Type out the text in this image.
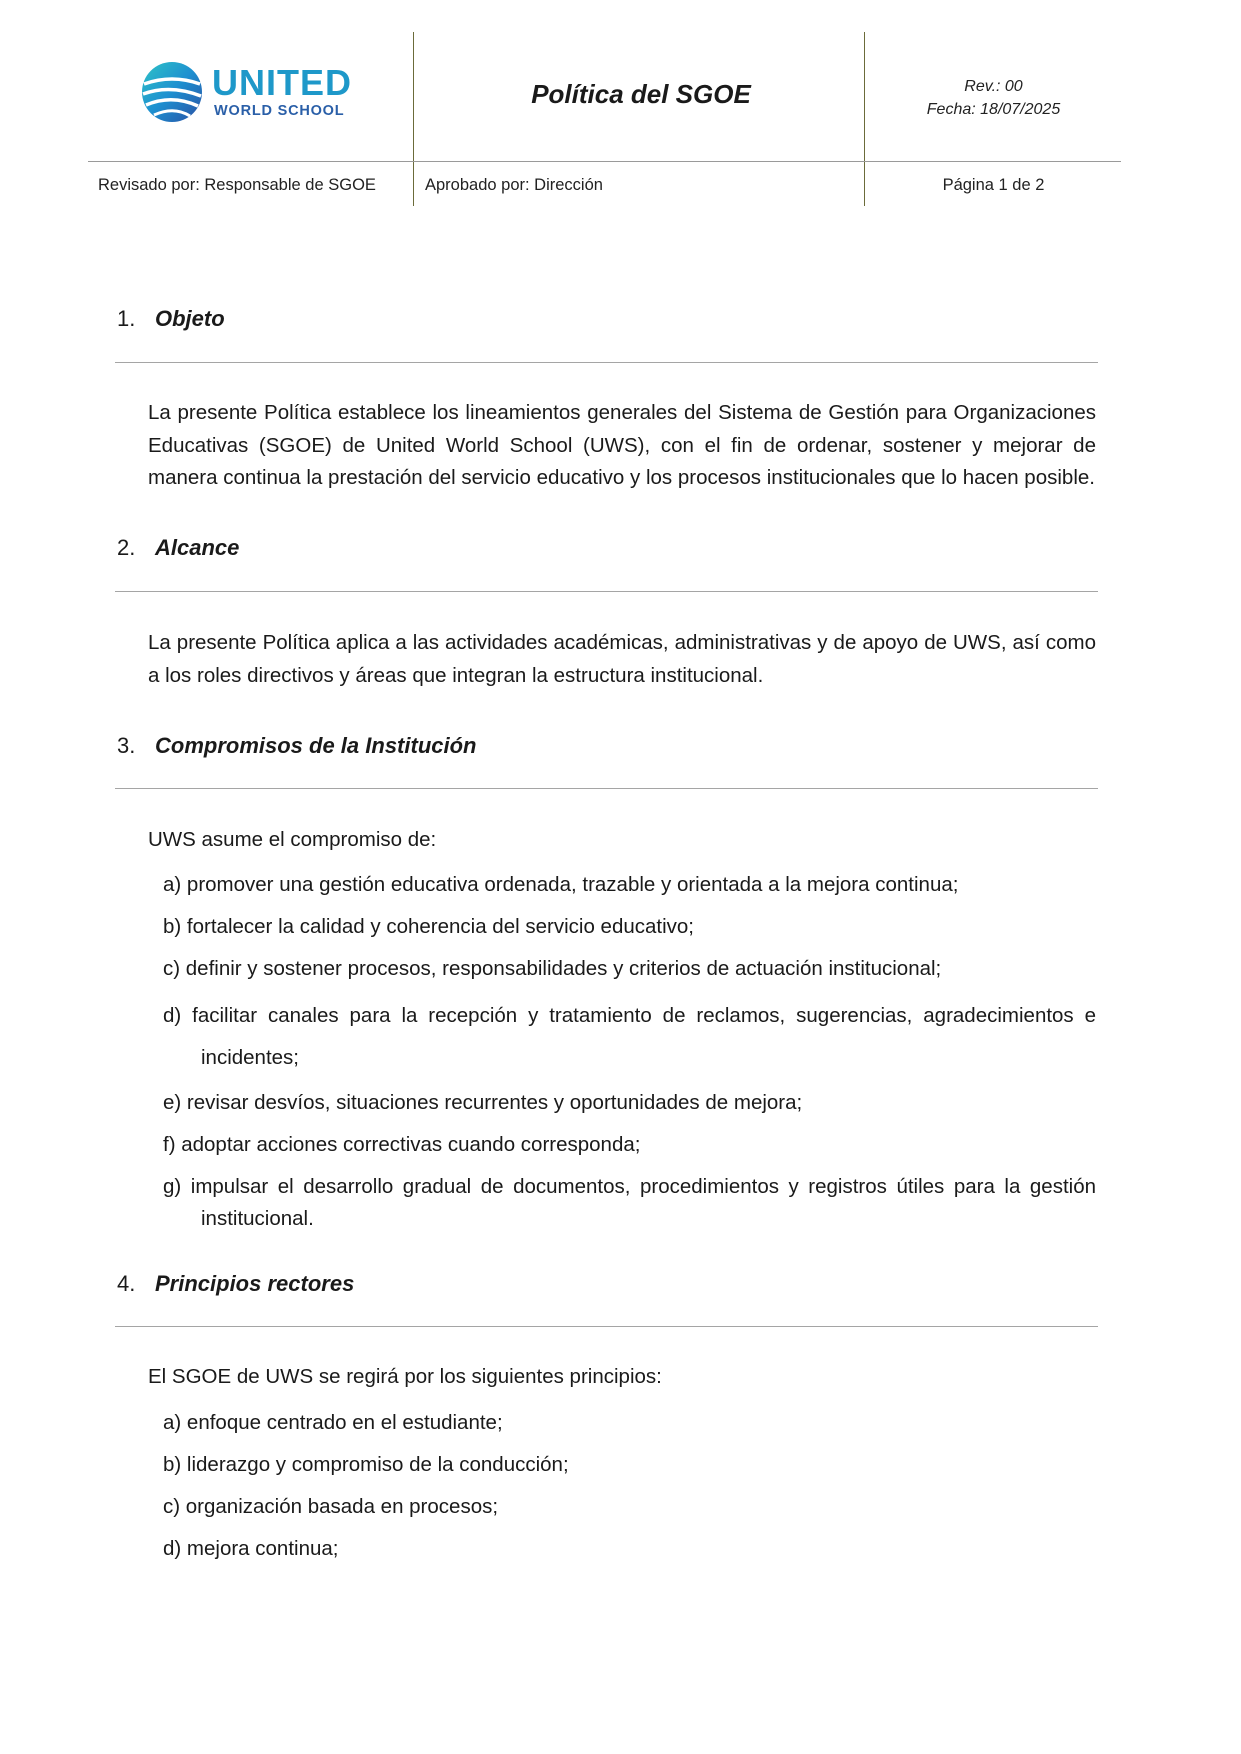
UNITED
WORLD SCHOOL
Política del SGOE	Rev.: 00
Fecha: 18/07/2025
Revisado por: Responsable de SGOE	Aprobado por: Dirección	Página 1 de 2
1. Objeto
La presente Política establece los lineamientos generales del Sistema de Gestión para Organizaciones Educativas (SGOE) de United World School (UWS), con el fin de ordenar, sostener y mejorar de manera continua la prestación del servicio educativo y los procesos institucionales que lo hacen posible.
2. Alcance
La presente Política aplica a las actividades académicas, administrativas y de apoyo de UWS, así como a los roles directivos y áreas que integran la estructura institucional.
3. Compromisos de la Institución
UWS asume el compromiso de:
a) promover una gestión educativa ordenada, trazable y orientada a la mejora continua;
b) fortalecer la calidad y coherencia del servicio educativo;
c) definir y sostener procesos, responsabilidades y criterios de actuación institucional;
d) facilitar canales para la recepción y tratamiento de reclamos, sugerencias, agradecimientos e incidentes;
e) revisar desvíos, situaciones recurrentes y oportunidades de mejora;
f) adoptar acciones correctivas cuando corresponda;
g) impulsar el desarrollo gradual de documentos, procedimientos y registros útiles para la gestión institucional.
4. Principios rectores
El SGOE de UWS se regirá por los siguientes principios:
a) enfoque centrado en el estudiante;
b) liderazgo y compromiso de la conducción;
c) organización basada en procesos;
d) mejora continua;
